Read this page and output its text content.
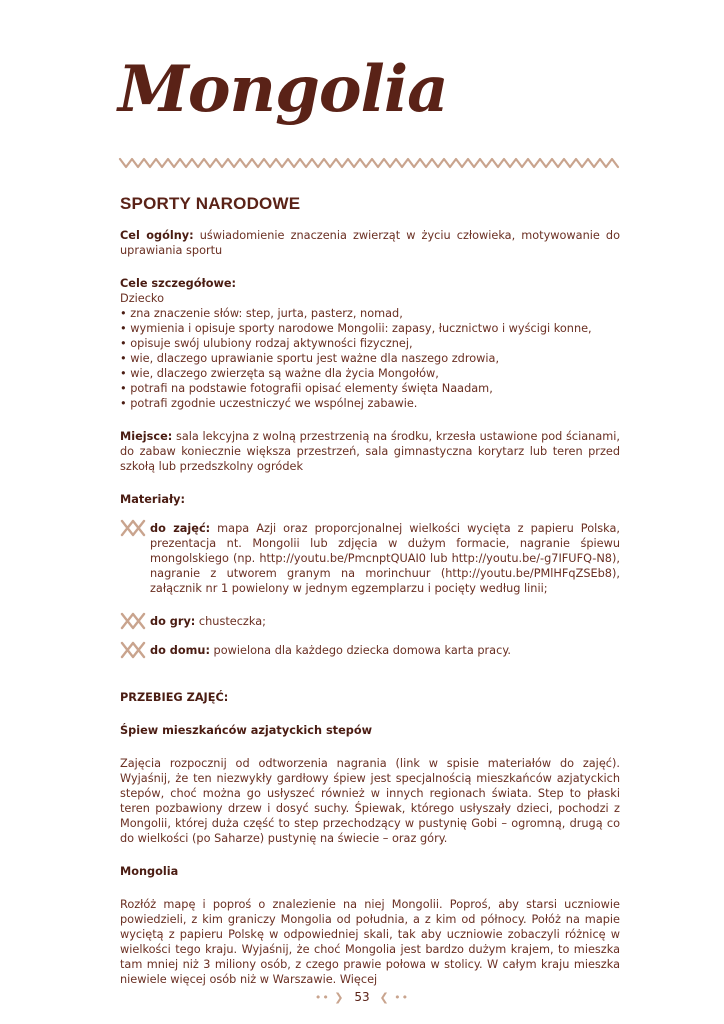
Mongolia
SPORTY NARODOWE

Cel ogólny: uświadomienie znaczenia zwierząt w życiu człowieka, motywowanie do uprawiania sportu

Cele szczegółowe:

Dziecko

• zna znaczenie słów: step, jurta, pasterz, nomad,
• wymienia i opisuje sporty narodowe Mongolii: zapasy, łucznictwo i wyścigi konne,
• opisuje swój ulubiony rodzaj aktywności fizycznej,
• wie, dlaczego uprawianie sportu jest ważne dla naszego zdrowia,
• wie, dlaczego zwierzęta są ważne dla życia Mongołów,
• potrafi na podstawie fotografii opisać elementy święta Naadam,
• potrafi zgodnie uczestniczyć we wspólnej zabawie.

Miejsce: sala lekcyjna z wolną przestrzenią na środku, krzesła ustawione pod ścianami, do zabaw koniecznie większa przestrzeń, sala gimnastyczna korytarz lub teren przed szkołą lub przedszkolny ogródek

Materiały:

do zajęć: mapa Azji oraz proporcjonalnej wielkości wycięta z papieru Polska, prezentacja nt. Mongolii lub zdjęcia w dużym formacie, nagranie śpiewu mongolskiego (np. http://youtu.be/PmcnptQUAI0 lub http://youtu.be/-g7IFUFQ-N8), nagranie z utworem granym na morinchuur (http://youtu.be/PMlHFqZSEb8), załącznik nr 1 powielony w jednym egzemplarzu i pocięty według linii;
do gry: chusteczka;
do domu: powielona dla każdego dziecka domowa karta pracy.

PRZEBIEG ZAJĘĆ:

Śpiew mieszkańców azjatyckich stepów

Zajęcia rozpocznij od odtworzenia nagrania (link w spisie materiałów do zajęć). Wyjaśnij, że ten niezwykły gardłowy śpiew jest specjalnością mieszkańców azjatyckich stepów, choć można go usłyszeć również w innych regionach świata. Step to płaski teren pozbawiony drzew i dosyć suchy. Śpiewak, którego usłyszały dzieci, pochodzi z Mongolii, której duża część to step przechodzący w pustynię Gobi – ogromną, drugą co do wielkości (po Saharze) pustynię na świecie – oraz góry.

Mongolia

Rozłóż mapę i poproś o znalezienie na niej Mongolii. Poproś, aby starsi uczniowie powiedzieli, z kim graniczy Mongolia od południa, a z kim od północy. Połóż na mapie wyciętą z papieru Polskę w odpowiedniej skali, tak aby uczniowie zobaczyli różnicę w wielkości tego kraju. Wyjaśnij, że choć Mongolia jest bardzo dużym krajem, to mieszka tam mniej niż 3 miliony osób, z czego prawie połowa w stolicy. W całym kraju mieszka niewiele więcej osób niż w Warszawie. Więcej

•• ❯ 53 ❮ ••
